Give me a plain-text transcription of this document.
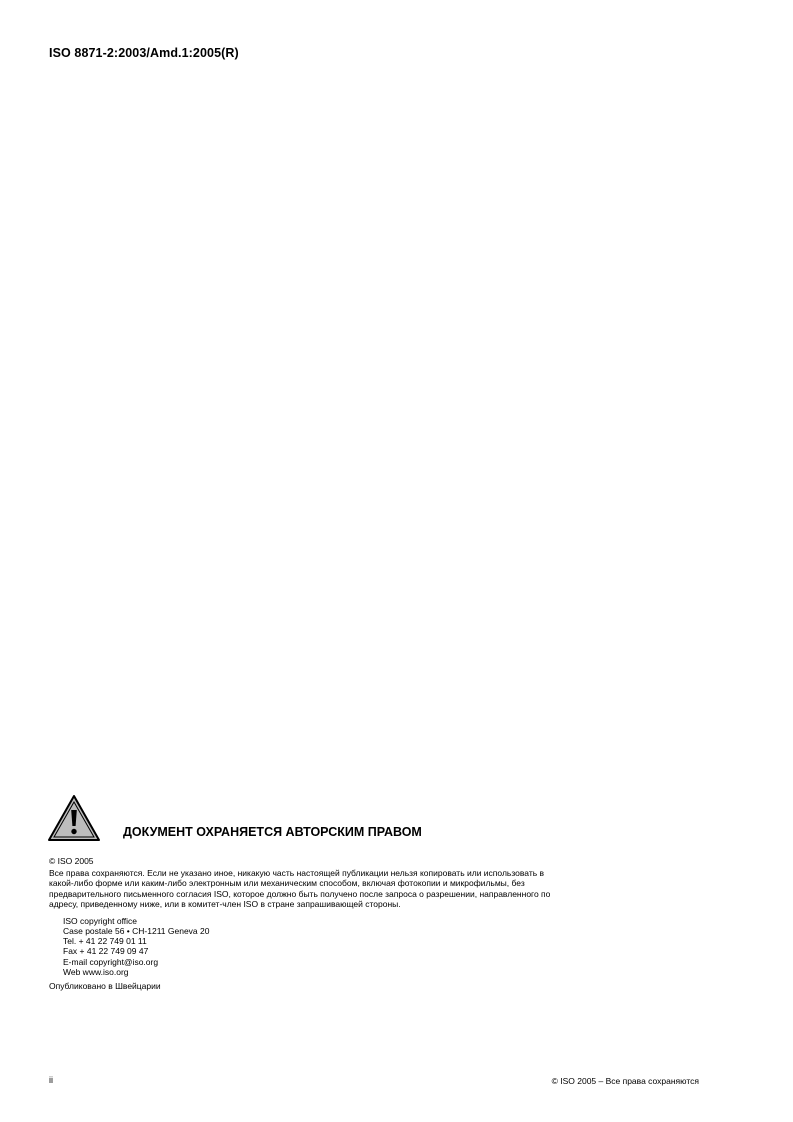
ISO 8871-2:2003/Amd.1:2005(R)
ДОКУМЕНТ ОХРАНЯЕТСЯ АВТОРСКИМ ПРАВОМ

© ISO 2005

Все права сохраняются. Если не указано иное, никакую часть настоящей публикации нельзя копировать или использовать в
какой-либо форме или каким-либо электронным или механическим способом, включая фотокопии и микрофильмы, без
предварительного письменного согласия ISO, которое должно быть получено после запроса о разрешении, направленного по
адресу, приведенному ниже, или в комитет-член ISO в стране запрашивающей стороны.

ISO copyright office
Case postale 56 • CH-1211 Geneva 20
Tel. + 41 22 749 01 11
Fax + 41 22 749 09 47
E-mail copyright@iso.org
Web www.iso.org

Опубликовано в Швейцарии

ii	© ISO 2005 – Все права сохраняются
